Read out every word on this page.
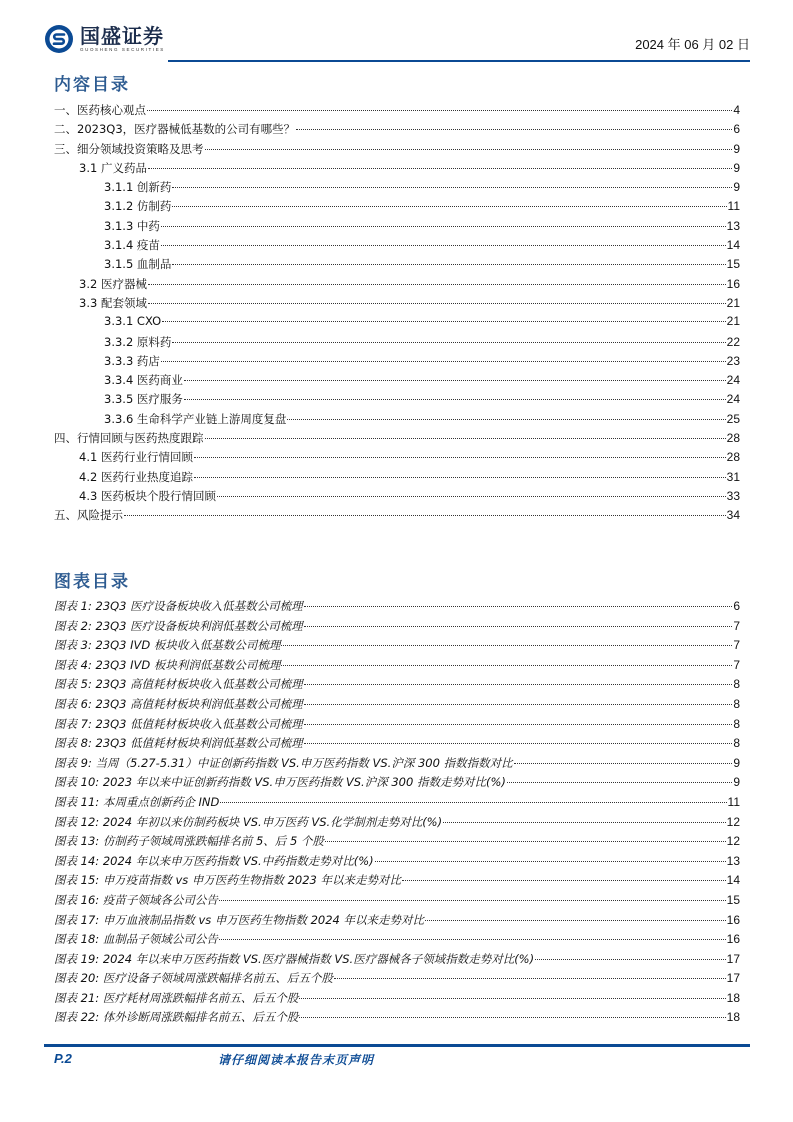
国盛证券
GUOSHENG SECURITIES	2024 年 06 月 02 日
内容目录
一、医药核心观点	4
二、2023Q3，医疗器械低基数的公司有哪些？	6
三、细分领域投资策略及思考	9
3.1 广义药品	9
3.1.1 创新药	9
3.1.2 仿制药	11
3.1.3 中药	13
3.1.4 疫苗	14
3.1.5 血制品	15
3.2 医疗器械	16
3.3 配套领域	21
3.3.1 CXO	21
3.3.2 原料药	22
3.3.3 药店	23
3.3.4 医药商业	24
3.3.5 医疗服务	24
3.3.6 生命科学产业链上游周度复盘	25
四、行情回顾与医药热度跟踪	28
4.1 医药行业行情回顾	28
4.2 医药行业热度追踪	31
4.3 医药板块个股行情回顾	33
五、风险提示	34
图表目录
图表 1: 23Q3 医疗设备板块收入低基数公司梳理	6
图表 2: 23Q3 医疗设备板块利润低基数公司梳理	7
图表 3: 23Q3 IVD 板块收入低基数公司梳理	7
图表 4: 23Q3 IVD 板块利润低基数公司梳理	7
图表 5: 23Q3 高值耗材板块收入低基数公司梳理	8
图表 6: 23Q3 高值耗材板块利润低基数公司梳理	8
图表 7: 23Q3 低值耗材板块收入低基数公司梳理	8
图表 8: 23Q3 低值耗材板块利润低基数公司梳理	8
图表 9: 当周（5.27-5.31）中证创新药指数 VS.申万医药指数 VS.沪深 300 指数指数对比	9
图表 10: 2023 年以来中证创新药指数 VS.申万医药指数 VS.沪深 300 指数走势对比(%)	9
图表 11: 本周重点创新药企 IND	11
图表 12: 2024 年初以来仿制药板块 VS.申万医药 VS.化学制剂走势对比(%)	12
图表 13: 仿制药子领域周涨跌幅排名前 5、后 5 个股	12
图表 14: 2024 年以来申万医药指数 VS.中药指数走势对比(%)	13
图表 15: 申万疫苗指数 vs 申万医药生物指数 2023 年以来走势对比	14
图表 16: 疫苗子领域各公司公告	15
图表 17: 申万血液制品指数 vs 申万医药生物指数 2024 年以来走势对比	16
图表 18: 血制品子领域公司公告	16
图表 19: 2024 年以来申万医药指数 VS.医疗器械指数 VS.医疗器械各子领域指数走势对比(%)	17
图表 20: 医疗设备子领域周涨跌幅排名前五、后五个股	17
图表 21: 医疗耗材周涨跌幅排名前五、后五个股	18
图表 22: 体外诊断周涨跌幅排名前五、后五个股	18
P.2	请仔细阅读本报告末页声明
